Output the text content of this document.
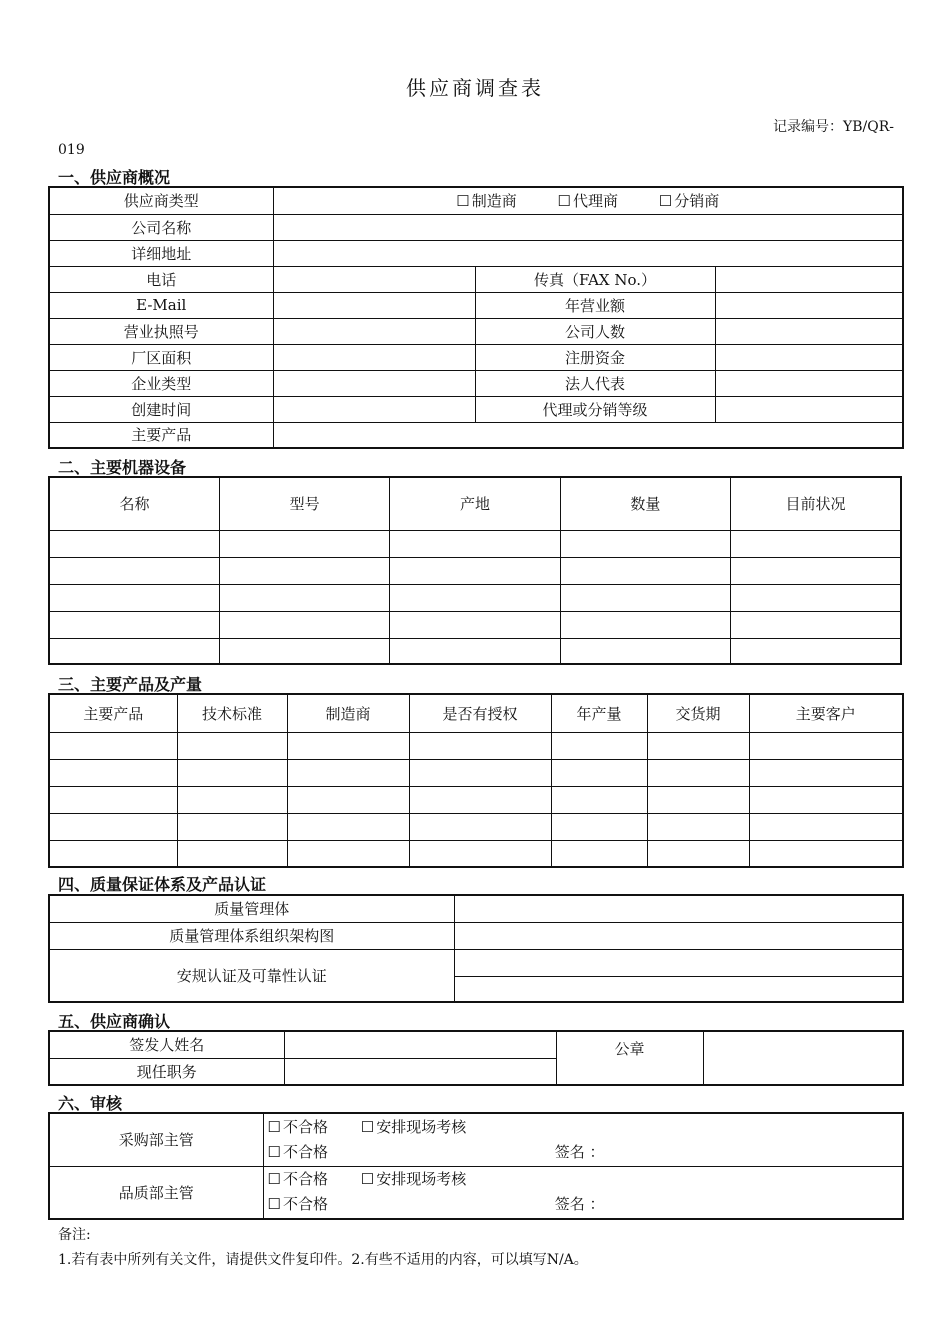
供应商调查表
记录编号：YB/QR-
019
一、供应商概况
供应商类型	☐ 制造商 ☐ 代理商 ☐ 分销商
公司名称			
详细地址			
电话		传真（FAX No.）	
E-Mail		年营业额	
营业执照号		公司人数	
厂区面积		注册资金	
企业类型		法人代表	
创建时间		代理或分销等级	
主要产品			
二、主要机器设备
名称	型号	产地	数量	目前状况

三、主要产品及产量
主要产品	技术标准	制造商	是否有授权	年产量	交货期	主要客户

四、质量保证体系及产品认证
质量管理体	
质量管理体系组织架构图	
安规认证及可靠性认证	

五、供应商确认
签发人姓名		公章	
现任职务			
六、审核
采购部主管	☐ 不合格 ☐ 安排现场考核
☐ 不合格 签名 ：

品质部主管	☐ 不合格 ☐ 安排现场考核
☐ 不合格 签名 ：
备注:
1.若有表中所列有关文件，请提供文件复印件。2.有些不适用的内容，可以填写N/A。
